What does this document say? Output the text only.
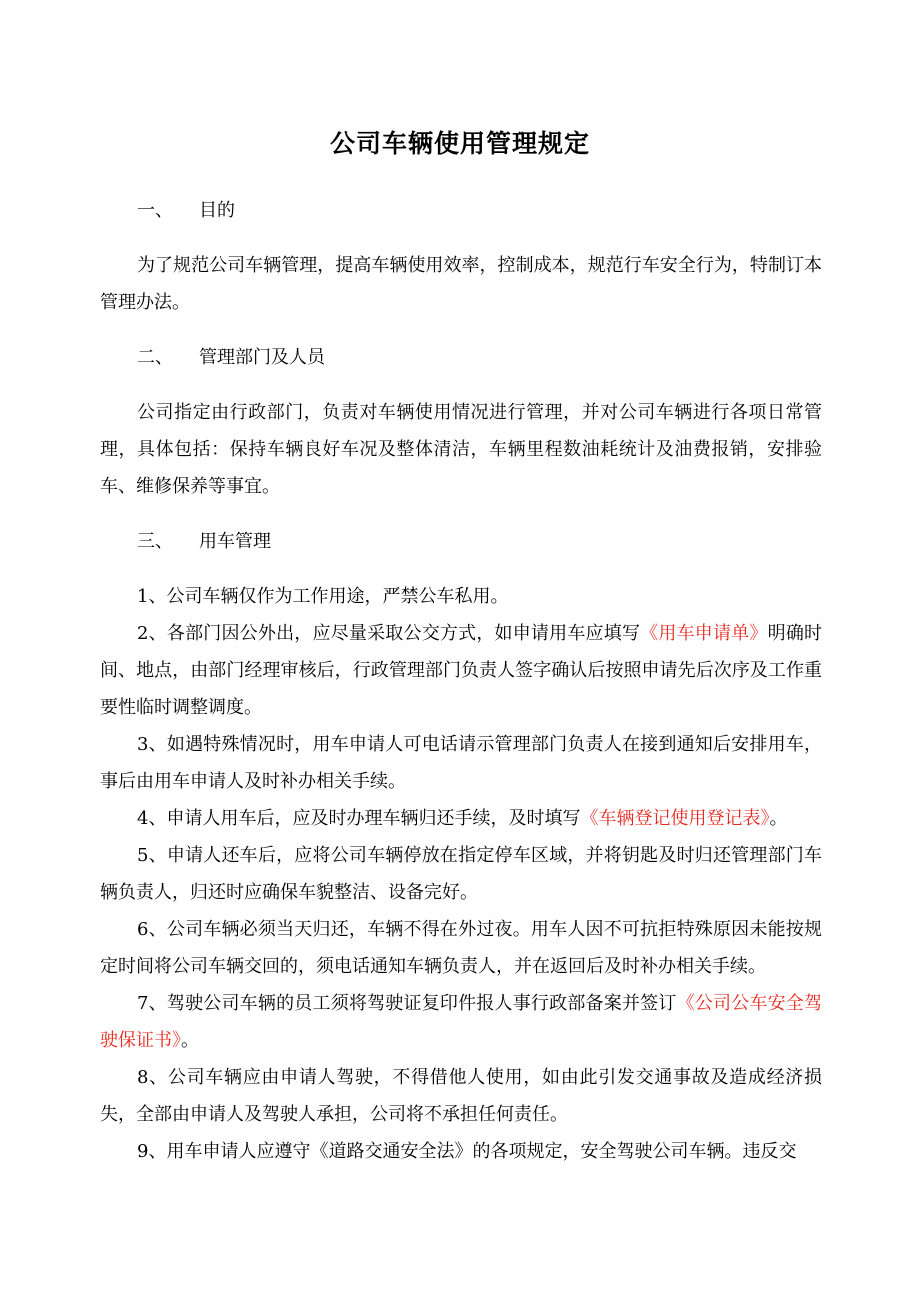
公司车辆使用管理规定

一、 目的

为了规范公司车辆管理，提高车辆使用效率，控制成本，规范行车安全行为，特制订本管理办法。

二、 管理部门及人员

公司指定由行政部门，负责对车辆使用情况进行管理，并对公司车辆进行各项日常管理，具体包括：保持车辆良好车况及整体清洁，车辆里程数油耗统计及油费报销，安排验车、维修保养等事宜。

三、 用车管理

1、公司车辆仅作为工作用途，严禁公车私用。

2、各部门因公外出，应尽量采取公交方式，如申请用车应填写《用车申请单》明确时间、地点，由部门经理审核后，行政管理部门负责人签字确认后按照申请先后次序及工作重要性临时调整调度。

3、如遇特殊情况时，用车申请人可电话请示管理部门负责人在接到通知后安排用车，事后由用车申请人及时补办相关手续。

4、申请人用车后，应及时办理车辆归还手续，及时填写《车辆登记使用登记表》。

5、申请人还车后，应将公司车辆停放在指定停车区域，并将钥匙及时归还管理部门车辆负责人，归还时应确保车貌整洁、设备完好。

6、公司车辆必须当天归还，车辆不得在外过夜。用车人因不可抗拒特殊原因未能按规定时间将公司车辆交回的，须电话通知车辆负责人，并在返回后及时补办相关手续。

7、驾驶公司车辆的员工须将驾驶证复印件报人事行政部备案并签订《公司公车安全驾驶保证书》。

8、公司车辆应由申请人驾驶，不得借他人使用，如由此引发交通事故及造成经济损失，全部由申请人及驾驶人承担，公司将不承担任何责任。

9、用车申请人应遵守《道路交通安全法》的各项规定，安全驾驶公司车辆。违反交
